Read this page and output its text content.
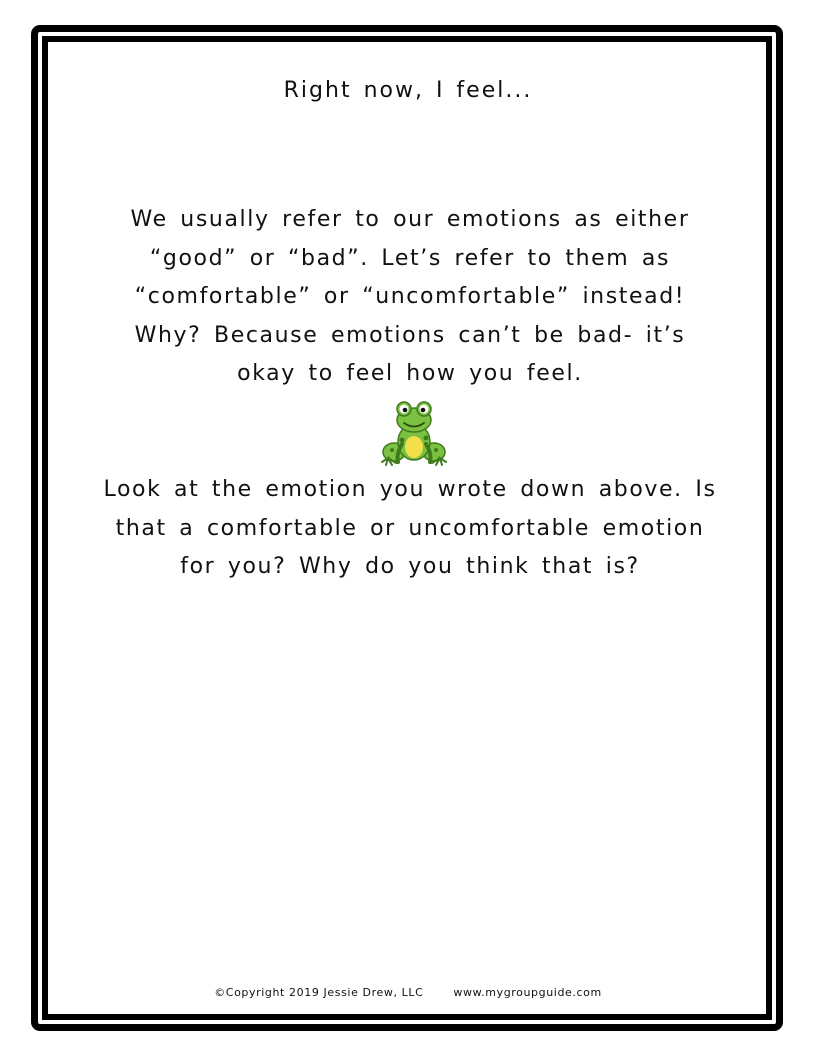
Right now, I feel...

We usually refer to our emotions as either
“good” or “bad”. Let’s refer to them as
“comfortable” or “uncomfortable” instead!
Why? Because emotions can’t be bad- it’s
okay to feel how you feel.

Look at the emotion you wrote down above. Is
that a comfortable or uncomfortable emotion
for you? Why do you think that is?

©Copyright 2019 Jessie Drew, LLC	www.mygroupguide.com
